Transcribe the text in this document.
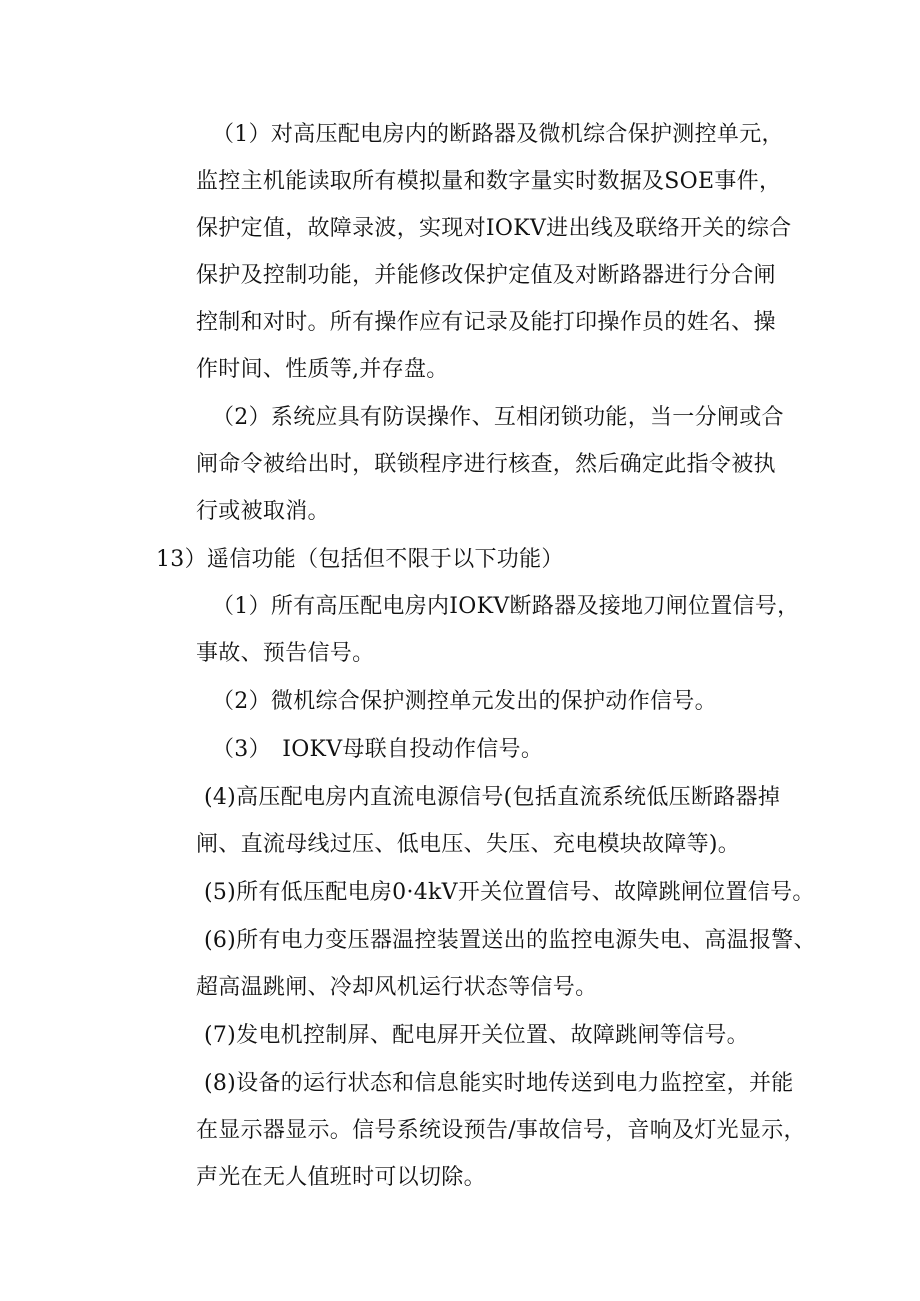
（1）对高压配电房内的断路器及微机综合保护测控单元，
监控主机能读取所有模拟量和数字量实时数据及SOE事件，
保护定值，故障录波，实现对IOKV进出线及联络开关的综合
保护及控制功能，并能修改保护定值及对断路器进行分合闸
控制和对时。所有操作应有记录及能打印操作员的姓名、操
作时间、性质等,并存盘。
（2）系统应具有防误操作、互相闭锁功能，当一分闸或合
闸命令被给出时，联锁程序进行核查，然后确定此指令被执
行或被取消。
13）遥信功能（包括但不限于以下功能）
（1）所有高压配电房内IOKV断路器及接地刀闸位置信号，
事故、预告信号。
（2）微机综合保护测控单元发出的保护动作信号。
（3）　IOKV母联自投动作信号。
(4)高压配电房内直流电源信号(包括直流系统低压断路器掉
闸、直流母线过压、低电压、失压、充电模块故障等)。
(5)所有低压配电房0·4kV开关位置信号、故障跳闸位置信号。
(6)所有电力变压器温控装置送出的监控电源失电、高温报警、
超高温跳闸、冷却风机运行状态等信号。
(7)发电机控制屏、配电屏开关位置、故障跳闸等信号。
(8)设备的运行状态和信息能实时地传送到电力监控室，并能
在显示器显示。信号系统设预告/事故信号，音响及灯光显示，
声光在无人值班时可以切除。
